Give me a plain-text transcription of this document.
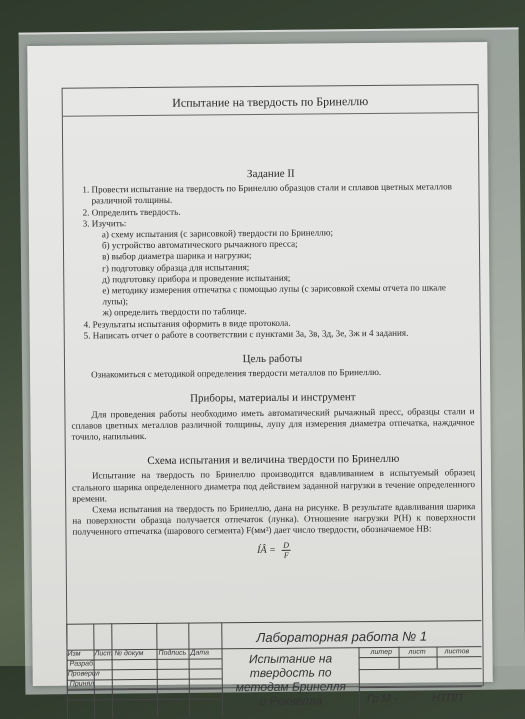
Испытание на твердость по Бринеллю
Задание II
1. Провести испытание на твердость по Бринеллю образцов стали и сплавов цветных металлов различной толщины.
2. Определить твердость.
3. Изучить:
а) схему испытания (с зарисовкой) твердости по Бринеллю;
б) устройство автоматического рычажного пресса;
в) выбор диаметра шарика и нагрузки;
г) подготовку образца для испытания;
д) подготовку прибора и проведение испытания;
е) методику измерения отпечатка с помощью лупы (с зарисовкой схемы отчета по шкале лупы);
ж) определить твердости по таблице.
4. Результаты испытания оформить в виде протокола.
5. Написать отчет о работе в соответствии с пунктами 3а, 3в, 3д, 3е, 3ж и 4 задания.
Цель работы

Ознакомиться с методикой определения твердости металлов по Бринеллю.

Приборы, материалы и инструмент

Для проведения работы необходимо иметь автоматический рычажный пресс, образцы стали и сплавов цветных металлов различной толщины, лупу для измерения диаметра отпечатка, наждачное точило, напильник.

Схема испытания и величина твердости по Бринеллю

Испытание на твердость по Бринеллю производится вдавливанием в испытуемый образец стального шарика определенного диаметра под действием заданной нагрузки в течение определенного времени.

Схема испытания на твердость по Бринеллю, дана на рисунке. В результате вдавливания шарика на поверхности образца получается отпечаток (лунка). Отношение нагрузки Р(Н) к поверхности полученного отпечатка (шарового сегмента) F(мм²) дает число твердости, обозначаемое НВ:

ÍÂ = $\frac{D}{F}$
Лабораторная работа № 1
Изм Лист № докум Подпись Дата
Разраб.
Проверил
Принял
Испытание на
твердость по
методам Бринелля
и Роквелла
литер лист	листов
Гр М -	НТПП
